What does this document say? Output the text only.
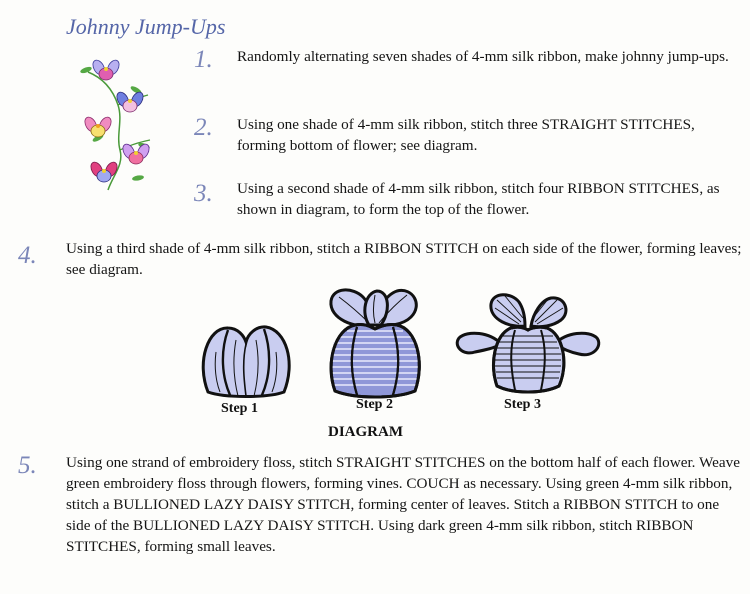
Johnny Jump-Ups
1. Randomly alternating seven shades of 4-mm silk ribbon, make johnny jump-ups.
2. Using one shade of 4-mm silk ribbon, stitch three STRAIGHT STITCHES, forming bottom of flower; see diagram.
3. Using a second shade of 4-mm silk ribbon, stitch four RIBBON STITCHES, as shown in diagram, to form the top of the flower.
4. Using a third shade of 4-mm silk ribbon, stitch a RIBBON STITCH on each side of the flower, forming leaves; see diagram.
Step 1	Step 2	Step 3
DIAGRAM
5. Using one strand of embroidery floss, stitch STRAIGHT STITCHES on the bottom half of each flower. Weave green embroidery floss through flowers, forming vines. COUCH as necessary. Using green 4-mm silk ribbon, stitch a BULLIONED LAZY DAISY STITCH, forming center of leaves. Stitch a RIBBON STITCH to one side of the BULLIONED LAZY DAISY STITCH. Using dark green 4-mm silk ribbon, stitch RIBBON STITCHES, forming small leaves.
